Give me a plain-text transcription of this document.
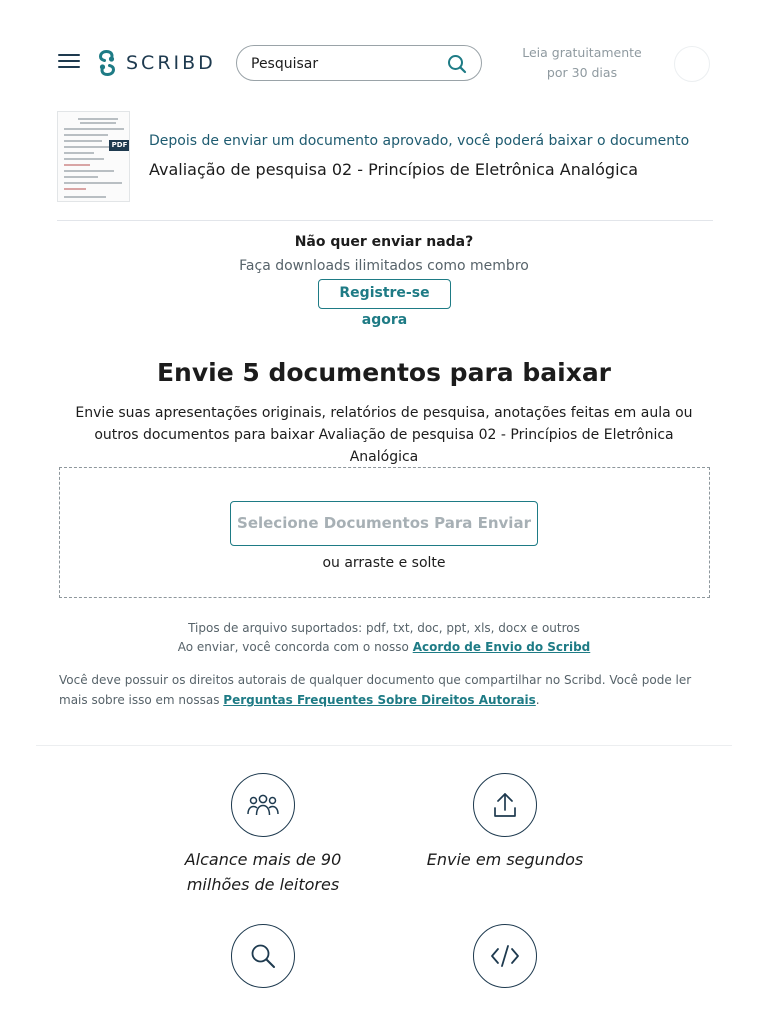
SCRIBD
Pesquisar	Leia gratuitamente
por 30 dias
PDF Depois de enviar um documento aprovado, você poderá baixar o documento
Avaliação de pesquisa 02 - Princípios de Eletrônica Analógica
Não quer enviar nada?
Faça downloads ilimitados como membro
Registre-se agora
Envie 5 documentos para baixar
Envie suas apresentações originais, relatórios de pesquisa, anotações feitas em aula ou outros documentos para baixar Avaliação de pesquisa 02 - Princípios de Eletrônica Analógica
Selecione Documentos Para Enviar
ou arraste e solte
Tipos de arquivo suportados: pdf, txt, doc, ppt, xls, docx e outros
Ao enviar, você concorda com o nosso Acordo de Envio do Scribd
Você deve possuir os direitos autorais de qualquer documento que compartilhar no Scribd. Você pode ler mais sobre isso em nossas Perguntas Frequentes Sobre Direitos Autorais.
Alcance mais de 90 milhões de leitores
Envie em segundos
